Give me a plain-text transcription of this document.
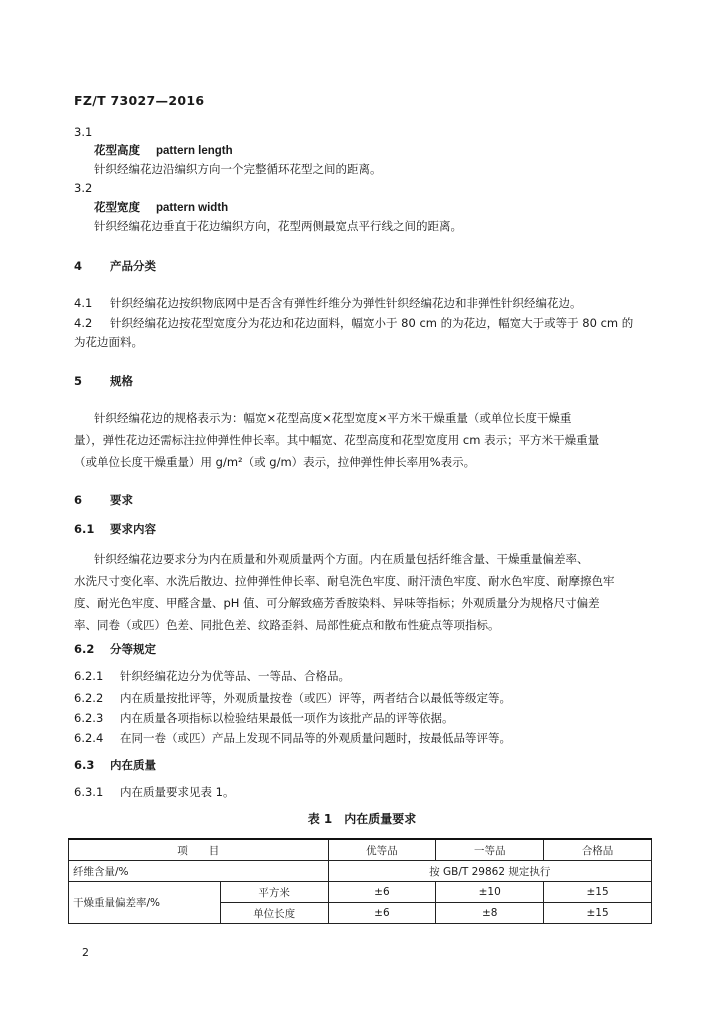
FZ/T 73027—2016
3.1
花型高度 pattern length
针织经编花边沿编织方向一个完整循环花型之间的距离。
3.2
花型宽度 pattern width
针织经编花边垂直于花边编织方向，花型两侧最宽点平行线之间的距离。
4 产品分类
4.1 针织经编花边按织物底网中是否含有弹性纤维分为弹性针织经编花边和非弹性针织经编花边。
4.2 针织经编花边按花型宽度分为花边和花边面料，幅宽小于 80 cm 的为花边，幅宽大于或等于 80 cm 的
为花边面料。
5 规格
针织经编花边的规格表示为：幅宽×花型高度×花型宽度×平方米干燥重量（或单位长度干燥重
量），弹性花边还需标注拉伸弹性伸长率。其中幅宽、花型高度和花型宽度用 cm 表示；平方米干燥重量
（或单位长度干燥重量）用 g/m²（或 g/m）表示，拉伸弹性伸长率用%表示。
6 要求
6.1 要求内容
针织经编花边要求分为内在质量和外观质量两个方面。内在质量包括纤维含量、干燥重量偏差率、
水洗尺寸变化率、水洗后散边、拉伸弹性伸长率、耐皂洗色牢度、耐汗渍色牢度、耐水色牢度、耐摩擦色牢
度、耐光色牢度、甲醛含量、pH 值、可分解致癌芳香胺染料、异味等指标；外观质量分为规格尺寸偏差
率、同卷（或匹）色差、同批色差、纹路歪斜、局部性疵点和散布性疵点等项指标。
6.2 分等规定
6.2.1 针织经编花边分为优等品、一等品、合格品。
6.2.2 内在质量按批评等，外观质量按卷（或匹）评等，两者结合以最低等级定等。
6.2.3 内在质量各项指标以检验结果最低一项作为该批产品的评等依据。
6.2.4 在同一卷（或匹）产品上发现不同品等的外观质量问题时，按最低品等评等。
6.3 内在质量
6.3.1 内在质量要求见表 1。
表 1　内在质量要求
项　　目		优等品	一等品	合格品
纤维含量/%		按 GB/T 29862 规定执行		
干燥重量偏差率/%	平方米	±6	±10	±15
	单位长度	±6	±8	±15
2
